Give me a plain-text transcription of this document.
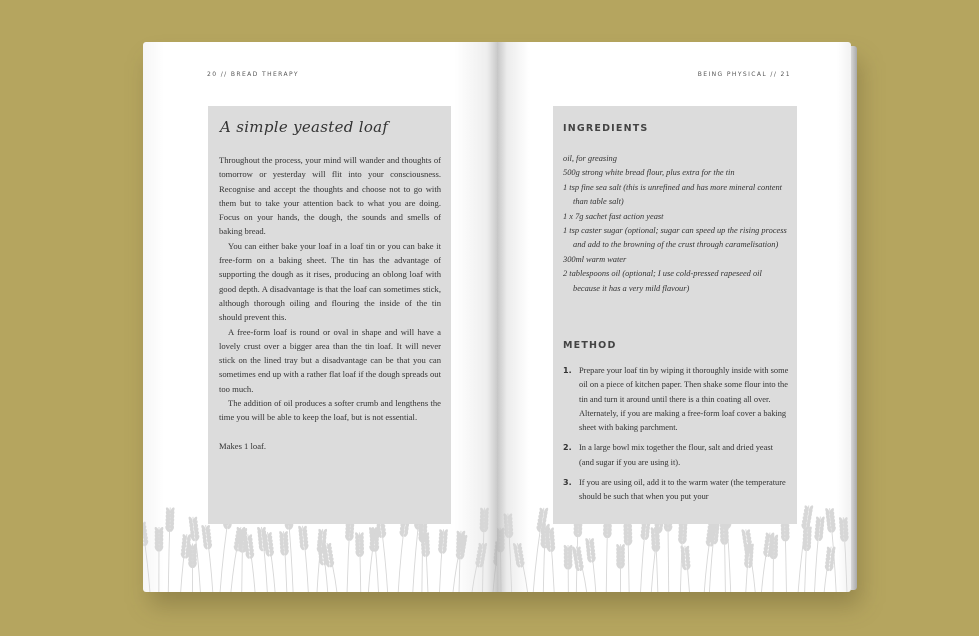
20 // BREAD THERAPY
A simple yeasted loaf

Throughout the process, your mind will wander and thoughts of tomorrow or yesterday will flit into your consciousness. Recognise and accept the thoughts and choose not to go with them but to take your attention back to what you are doing. Focus on your hands, the dough, the sounds and smells of baking bread.

You can either bake your loaf in a loaf tin or you can bake it free-form on a baking sheet. The tin has the advantage of supporting the dough as it rises, producing an oblong loaf with good depth. A disadvantage is that the loaf can sometimes stick, although thorough oiling and flouring the inside of the tin should prevent this.

A free-form loaf is round or oval in shape and will have a lovely crust over a bigger area than the tin loaf. It will never stick on the lined tray but a disadvantage can be that you can sometimes end up with a rather flat loaf if the dough spreads out too much.

The addition of oil produces a softer crumb and lengthens the time you will be able to keep the loaf, but is not essential.

Makes 1 loaf.

BEING PHYSICAL // 21
INGREDIENTS
oil, for greasing
500g strong white bread flour, plus extra for the tin
1 tsp fine sea salt (this is unrefined and has more mineral content than table salt)
1 x 7g sachet fast action yeast
1 tsp caster sugar (optional; sugar can speed up the rising process and add to the browning of the crust through caramelisation)
300ml warm water
2 tablespoons oil (optional; I use cold-pressed rapeseed oil because it has a very mild flavour)
METHOD
1. Prepare your loaf tin by wiping it thoroughly inside with some oil on a piece of kitchen paper. Then shake some flour into the tin and turn it around until there is a thin coating all over. Alternately, if you are making a free-form loaf cover a baking sheet with baking parchment.
2. In a large bowl mix together the flour, salt and dried yeast (and sugar if you are using it).
3. If you are using oil, add it to the warm water (the temperature should be such that when you put your
